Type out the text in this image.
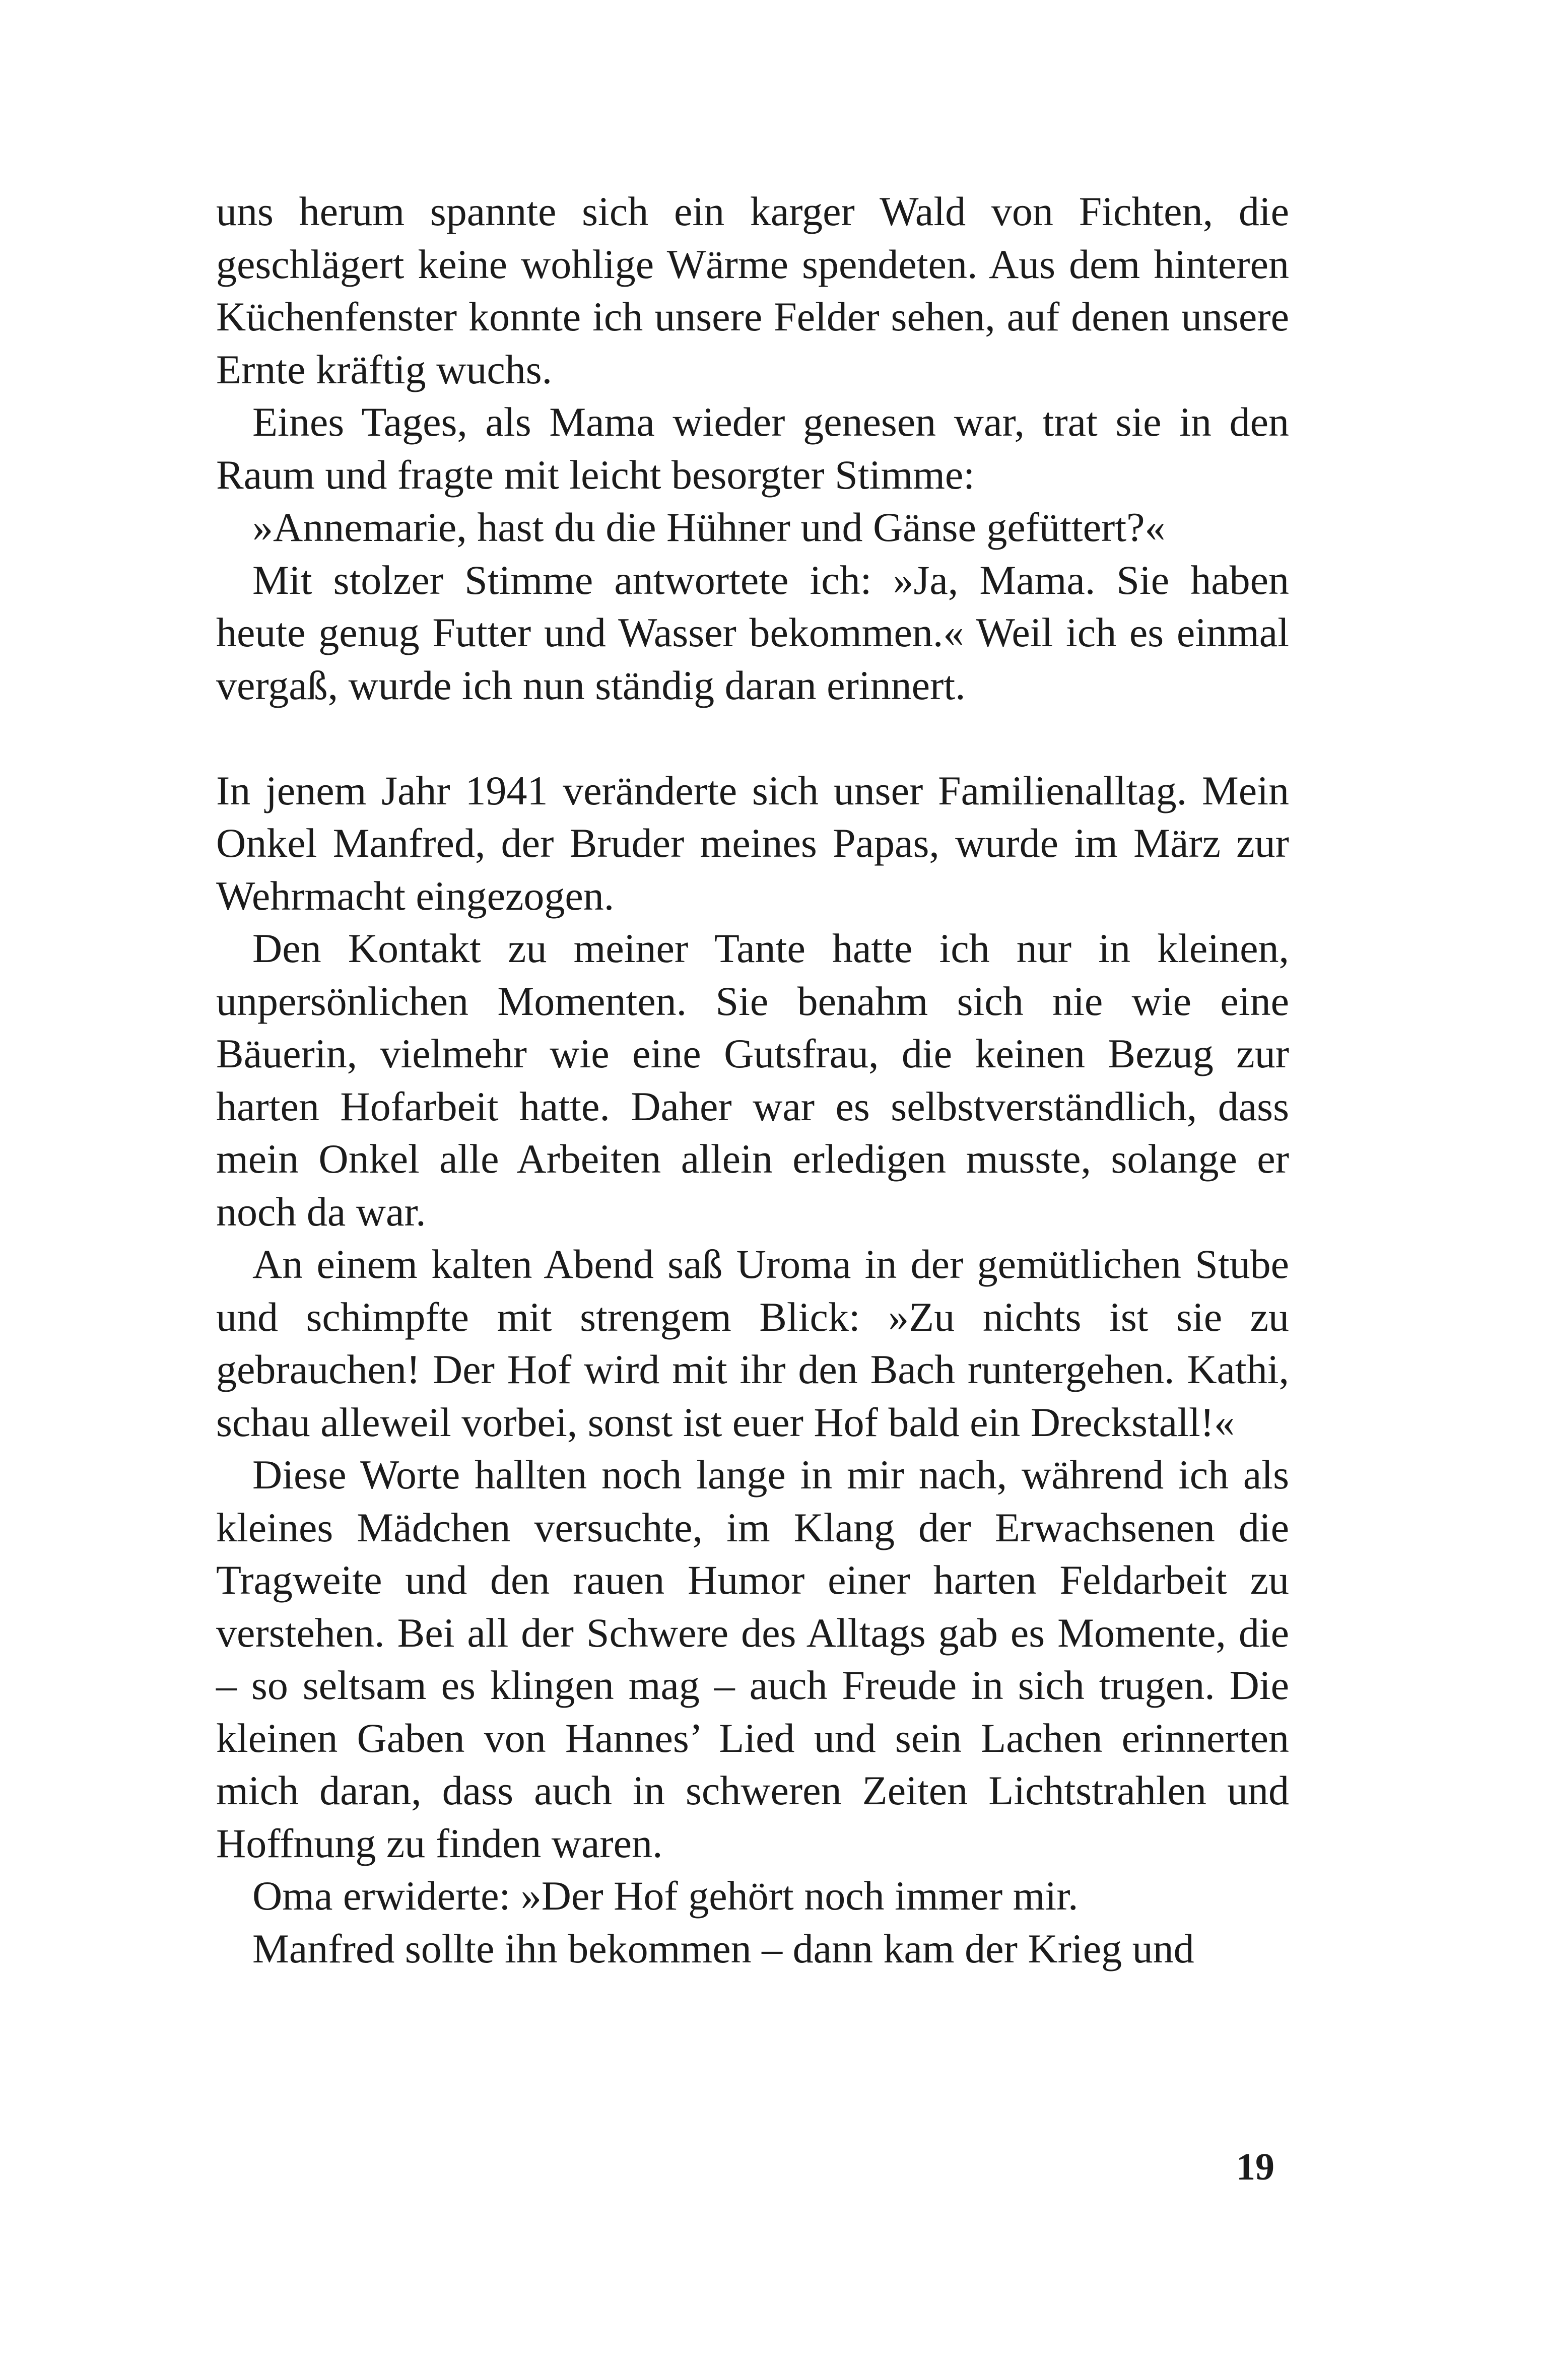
uns herum spannte sich ein karger Wald von Fichten, die geschlägert keine wohlige Wärme spendeten. Aus dem hinteren Küchenfenster konnte ich unsere Felder sehen, auf denen unsere Ernte kräftig wuchs.

Eines Tages, als Mama wieder genesen war, trat sie in den Raum und fragte mit leicht besorgter Stimme:

»Annemarie, hast du die Hühner und Gänse gefüttert?«

Mit stolzer Stimme antwortete ich: »Ja, Mama. Sie haben heute genug Futter und Wasser bekommen.« Weil ich es einmal vergaß, wurde ich nun ständig daran erinnert.

In jenem Jahr 1941 veränderte sich unser Familienalltag. Mein Onkel Manfred, der Bruder meines Papas, wurde im März zur Wehrmacht eingezogen.

Den Kontakt zu meiner Tante hatte ich nur in kleinen, unpersönlichen Momenten. Sie benahm sich nie wie eine Bäuerin, vielmehr wie eine Gutsfrau, die keinen Bezug zur harten Hofarbeit hatte. Daher war es selbstverständlich, dass mein Onkel alle Arbeiten allein erledigen musste, solange er noch da war.

An einem kalten Abend saß Uroma in der gemütlichen Stube und schimpfte mit strengem Blick: »Zu nichts ist sie zu gebrauchen! Der Hof wird mit ihr den Bach runtergehen. Kathi, schau alleweil vorbei, sonst ist euer Hof bald ein Dreckstall!«

Diese Worte hallten noch lange in mir nach, während ich als kleines Mädchen versuchte, im Klang der Erwachsenen die Tragweite und den rauen Humor einer harten Feldarbeit zu verstehen. Bei all der Schwere des Alltags gab es Momente, die – so seltsam es klingen mag – auch Freude in sich trugen. Die kleinen Gaben von Hannes’ Lied und sein Lachen erinnerten mich daran, dass auch in schweren Zeiten Lichtstrahlen und Hoffnung zu finden waren.

Oma erwiderte: »Der Hof gehört noch immer mir.

Manfred sollte ihn bekommen – dann kam der Krieg und

19
